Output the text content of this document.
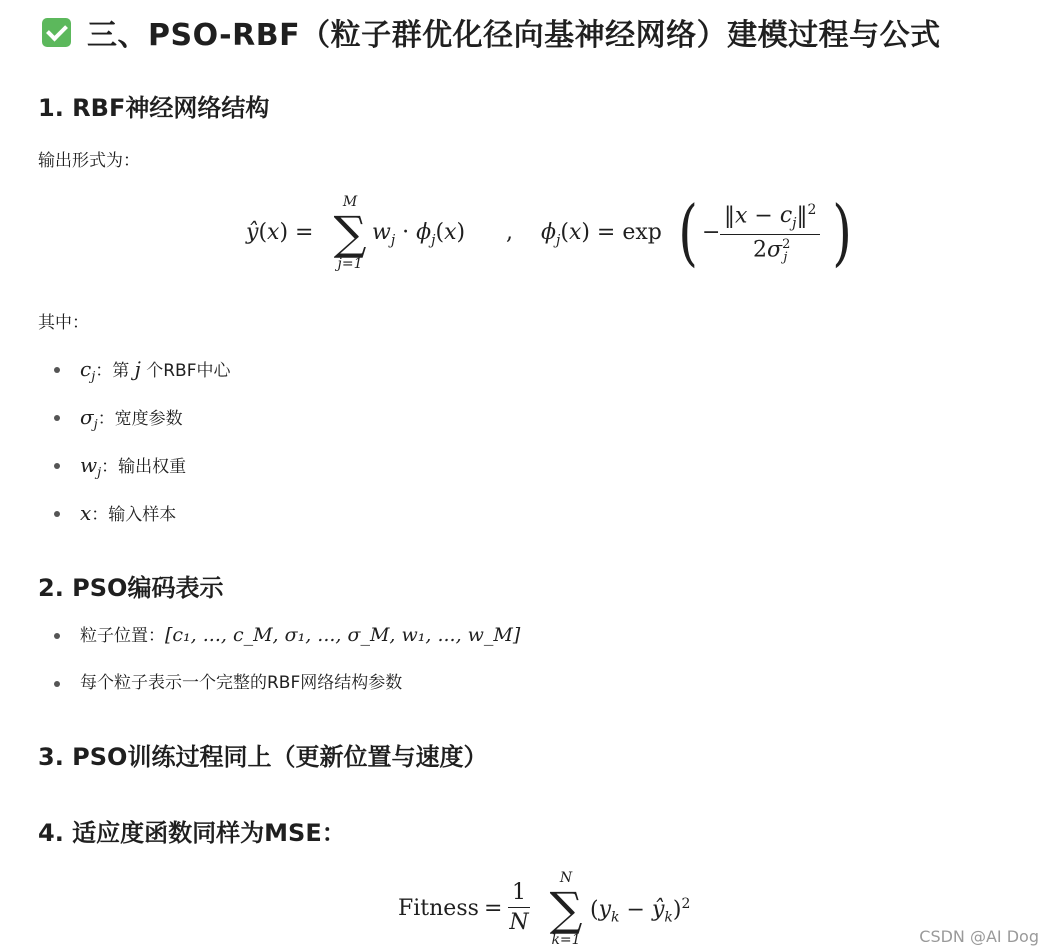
三、PSO-RBF（粒子群优化径向基神经网络）建模过程与公式
1. RBF神经网络结构

输出形式为：

ŷ(x) =
M
∑
j=1
$w_j \cdot \phi_j(x)$ , $\phi_j(x) = \exp$ ( − $\frac{‖x - c_j‖^2}{2\sigma^2_j}$ )

其中：

$c_j$：第 j 个RBF中心
$\sigma_j$：宽度参数
$w_j$：输出权重
x：输入样本
2. PSO编码表示
粒子位置：[c₁, ..., c_M, σ₁, ..., σ_M, w₁, ..., w_M]
每个粒子表示一个完整的RBF网络结构参数
3. PSO训练过程同上（更新位置与速度）
4. 适应度函数同样为MSE：
Fitness = $\frac{1}{N}$
N
∑
k=1
($y_k$ − $ŷ_k)^2$
CSDN @AI Dog
